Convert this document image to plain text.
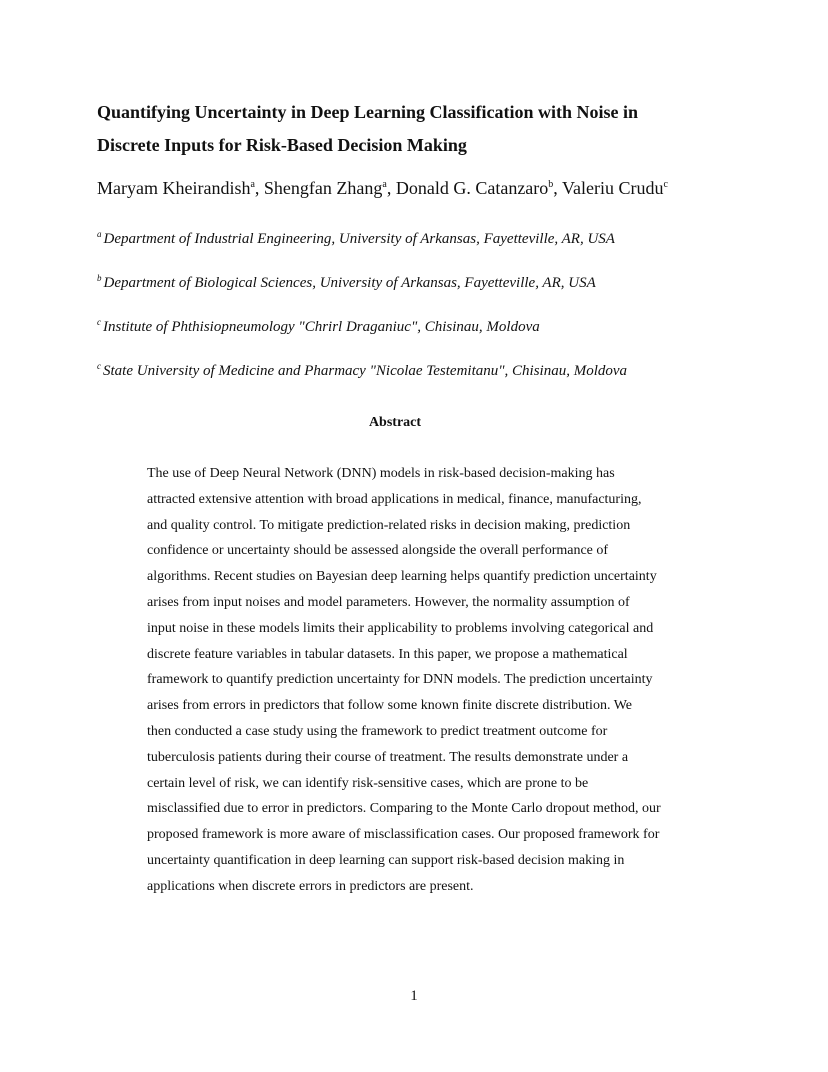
Quantifying Uncertainty in Deep Learning Classification with Noise in
Discrete Inputs for Risk-Based Decision Making
Maryam Kheirandish$^a$, Shengfan Zhang$^a$, Donald G. Catanzaro$^b$, Valeriu Crudu$^c$
$^a$ Department of Industrial Engineering, University of Arkansas, Fayetteville, AR, USA
$^b$ Department of Biological Sciences, University of Arkansas, Fayetteville, AR, USA
$^c$ Institute of Phthisiopneumology "Chrirl Draganiuc", Chisinau, Moldova
$^c$ State University of Medicine and Pharmacy "Nicolae Testemitanu", Chisinau, Moldova
Abstract
The use of Deep Neural Network (DNN) models in risk-based decision-making has
attracted extensive attention with broad applications in medical, finance, manufacturing,
and quality control. To mitigate prediction-related risks in decision making, prediction
confidence or uncertainty should be assessed alongside the overall performance of
algorithms. Recent studies on Bayesian deep learning helps quantify prediction uncertainty
arises from input noises and model parameters. However, the normality assumption of
input noise in these models limits their applicability to problems involving categorical and
discrete feature variables in tabular datasets. In this paper, we propose a mathematical
framework to quantify prediction uncertainty for DNN models. The prediction uncertainty
arises from errors in predictors that follow some known finite discrete distribution. We
then conducted a case study using the framework to predict treatment outcome for
tuberculosis patients during their course of treatment. The results demonstrate under a
certain level of risk, we can identify risk-sensitive cases, which are prone to be
misclassified due to error in predictors. Comparing to the Monte Carlo dropout method, our
proposed framework is more aware of misclassification cases. Our proposed framework for
uncertainty quantification in deep learning can support risk-based decision making in
applications when discrete errors in predictors are present.
1
